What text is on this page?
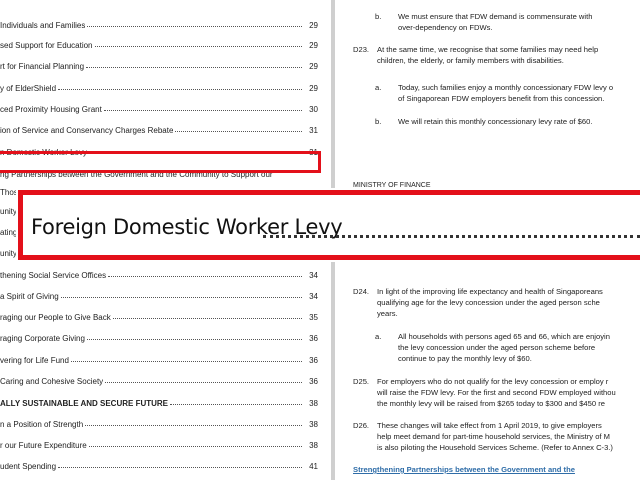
Individuals and Families	29
sed Support for Education	29
rt for Financial Planning	29
y of ElderShield	29
ced Proximity Housing Grant	30
ion of Service and Conservancy Charges Rebate	31
n Domestic Worker Levy	31
ng Partnerships between the Government and the Community to Support our
Thos
unity
ating
unity
thening Social Service Offices	34
a Spirit of Giving	34
raging our People to Give Back	35
raging Corporate Giving	36
vering for Life Fund	36
Caring and Cohesive Society	36
ALLY SUSTAINABLE AND SECURE FUTURE	38
n a Position of Strength	38
r our Future Expenditure	38
udent Spending	41
b. We must ensure that FDW demand is commensurate with
over-dependency on FDWs.
D23. At the same time, we recognise that some families may need help
children, the elderly, or family members with disabilities.
a. Today, such families enjoy a monthly concessionary FDW levy o
of Singaporean FDW employers benefit from this concession.
b. We will retain this monthly concessionary levy rate of $60.
MINISTRY OF FINANCE
D24. In light of the improving life expectancy and health of Singaporeans
qualifying age for the levy concession under the aged person sche
years.
a. All households with persons aged 65 and 66, which are enjoyin
the levy concession under the aged person scheme before
continue to pay the monthly levy of $60.
D25. For employers who do not qualify for the levy concession or employ r
will raise the FDW levy. For the first and second FDW employed withou
the monthly levy will be raised from $265 today to $300 and $450 re
D26. These changes will take effect from 1 April 2019, to give employers
help meet demand for part-time household services, the Ministry of M
is also piloting the Household Services Scheme. (Refer to Annex C-3.)
Strengthening Partnerships between the Government and the
Foreign Domestic Worker Levy
